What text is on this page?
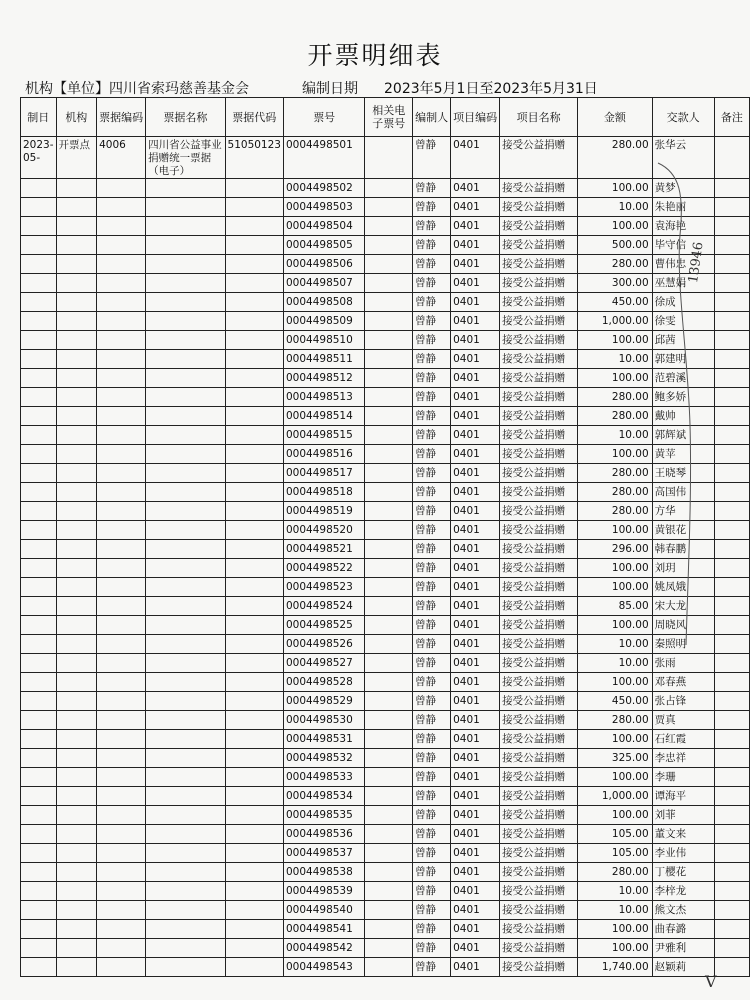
开票明细表
机构【单位】四川省索玛慈善基金会	编制日期 2023年5月1日至2023年5月31日
制日	机构	票据编码	票据名称	票据代码	票号	相关电子票号	编制人	项目编码	项目名称	金额	交款人	备注
2023-05-	开票点	4006	四川省公益事业捐赠统一票据（电子）	51050123	0004498501		曾静	0401	接受公益捐赠	280.00	张华云	
					0004498502		曾静	0401	接受公益捐赠	100.00	黄梦	
					0004498503		曾静	0401	接受公益捐赠	10.00	朱艳丽	
					0004498504		曾静	0401	接受公益捐赠	100.00	袁海艳	
					0004498505		曾静	0401	接受公益捐赠	500.00	毕守信	
					0004498506		曾静	0401	接受公益捐赠	280.00	曹伟忠	
					0004498507		曾静	0401	接受公益捐赠	300.00	巫慧娟	
					0004498508		曾静	0401	接受公益捐赠	450.00	徐成	
					0004498509		曾静	0401	接受公益捐赠	1,000.00	徐雯	
					0004498510		曾静	0401	接受公益捐赠	100.00	邱茜	
					0004498511		曾静	0401	接受公益捐赠	10.00	郭建明	
					0004498512		曾静	0401	接受公益捐赠	100.00	范碧溪	
					0004498513		曾静	0401	接受公益捐赠	280.00	鲍多娇	
					0004498514		曾静	0401	接受公益捐赠	280.00	戴帅	
					0004498515		曾静	0401	接受公益捐赠	10.00	郭辉斌	
					0004498516		曾静	0401	接受公益捐赠	100.00	黄苹	
					0004498517		曾静	0401	接受公益捐赠	280.00	王晓琴	
					0004498518		曾静	0401	接受公益捐赠	280.00	高国伟	
					0004498519		曾静	0401	接受公益捐赠	280.00	方华	
					0004498520		曾静	0401	接受公益捐赠	100.00	黄银花	
					0004498521		曾静	0401	接受公益捐赠	296.00	韩春鹏	
					0004498522		曾静	0401	接受公益捐赠	100.00	刘玥	
					0004498523		曾静	0401	接受公益捐赠	100.00	姚凤娥	
					0004498524		曾静	0401	接受公益捐赠	85.00	宋大龙	
					0004498525		曾静	0401	接受公益捐赠	100.00	周晓风	
					0004498526		曾静	0401	接受公益捐赠	10.00	秦照明	
					0004498527		曾静	0401	接受公益捐赠	10.00	张雨	
					0004498528		曾静	0401	接受公益捐赠	100.00	邓春燕	
					0004498529		曾静	0401	接受公益捐赠	450.00	张占锋	
					0004498530		曾静	0401	接受公益捐赠	280.00	贾真	
					0004498531		曾静	0401	接受公益捐赠	100.00	石红霞	
					0004498532		曾静	0401	接受公益捐赠	325.00	李忠祥	
					0004498533		曾静	0401	接受公益捐赠	100.00	李珊	
					0004498534		曾静	0401	接受公益捐赠	1,000.00	谭海平	
					0004498535		曾静	0401	接受公益捐赠	100.00	刘菲	
					0004498536		曾静	0401	接受公益捐赠	105.00	董文来	
					0004498537		曾静	0401	接受公益捐赠	105.00	李业伟	
					0004498538		曾静	0401	接受公益捐赠	280.00	丁樱花	
					0004498539		曾静	0401	接受公益捐赠	10.00	李梓龙	
					0004498540		曾静	0401	接受公益捐赠	10.00	熊文杰	
					0004498541		曾静	0401	接受公益捐赠	100.00	曲春潞	
					0004498542		曾静	0401	接受公益捐赠	100.00	尹雅利	
					0004498543		曾静	0401	接受公益捐赠	1,740.00	赵颖莉	
13946
V
